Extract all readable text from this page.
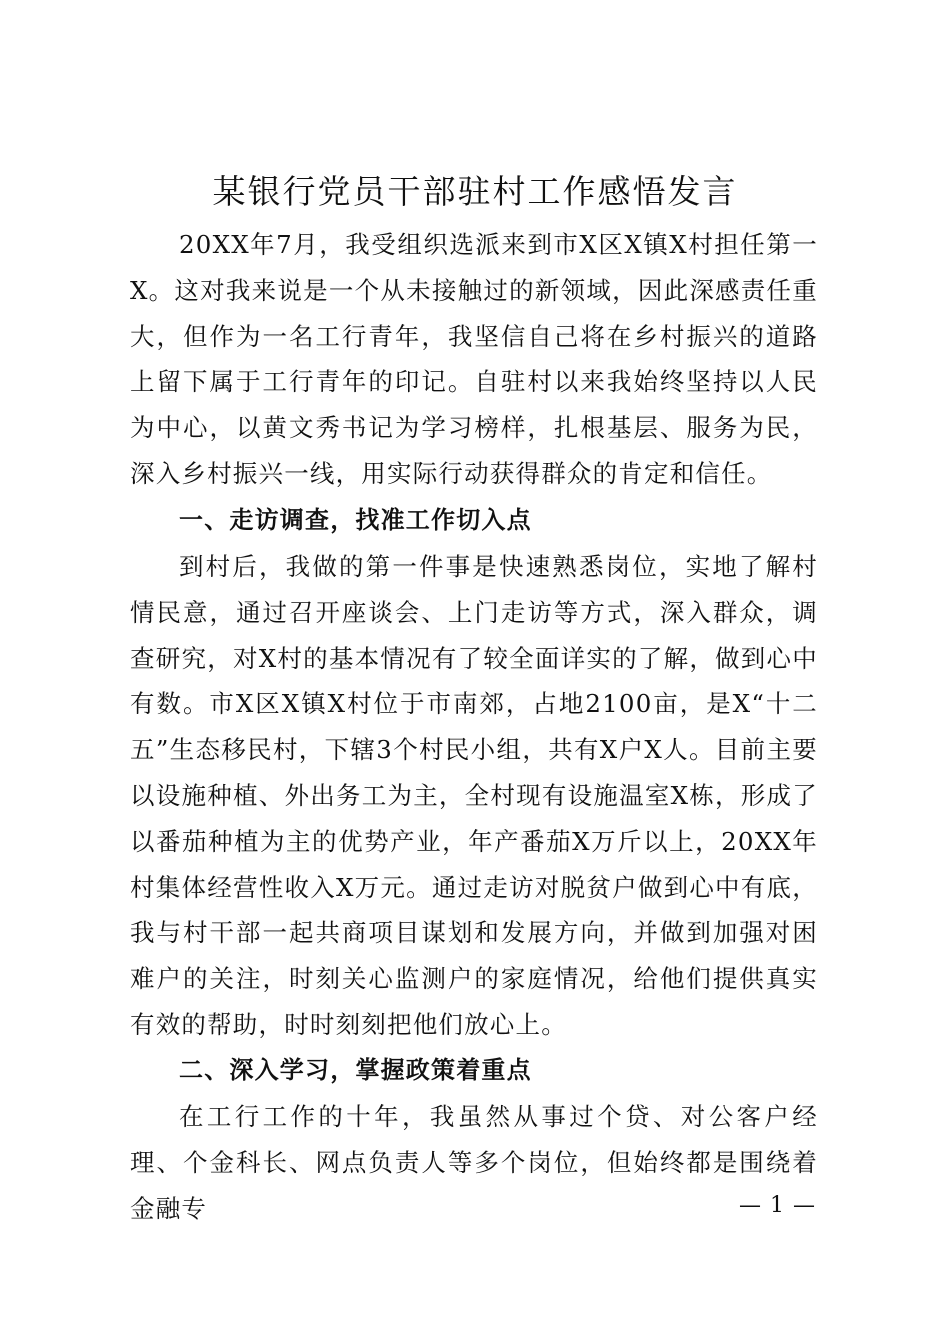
某银行党员干部驻村工作感悟发言

20XX年7月，我受组织选派来到市X区X镇X村担任第一X。这对我来说是一个从未接触过的新领域，因此深感责任重大，但作为一名工行青年，我坚信自己将在乡村振兴的道路上留下属于工行青年的印记。自驻村以来我始终坚持以人民为中心，以黄文秀书记为学习榜样，扎根基层、服务为民，深入乡村振兴一线，用实际行动获得群众的肯定和信任。

一、走访调查，找准工作切入点

到村后，我做的第一件事是快速熟悉岗位，实地了解村情民意，通过召开座谈会、上门走访等方式，深入群众，调查研究，对X村的基本情况有了较全面详实的了解，做到心中有数。市X区X镇X村位于市南郊，占地2100亩，是X“十二五”生态移民村，下辖3个村民小组，共有X户X人。目前主要以设施种植、外出务工为主，全村现有设施温室X栋，形成了以番茄种植为主的优势产业，年产番茄X万斤以上，20XX年村集体经营性收入X万元。通过走访对脱贫户做到心中有底，我与村干部一起共商项目谋划和发展方向，并做到加强对困难户的关注，时刻关心监测户的家庭情况，给他们提供真实有效的帮助，时时刻刻把他们放心上。

二、深入学习，掌握政策着重点

在工行工作的十年，我虽然从事过个贷、对公客户经理、个金科长、网点负责人等多个岗位，但始终都是围绕着金融专	— 1 —
